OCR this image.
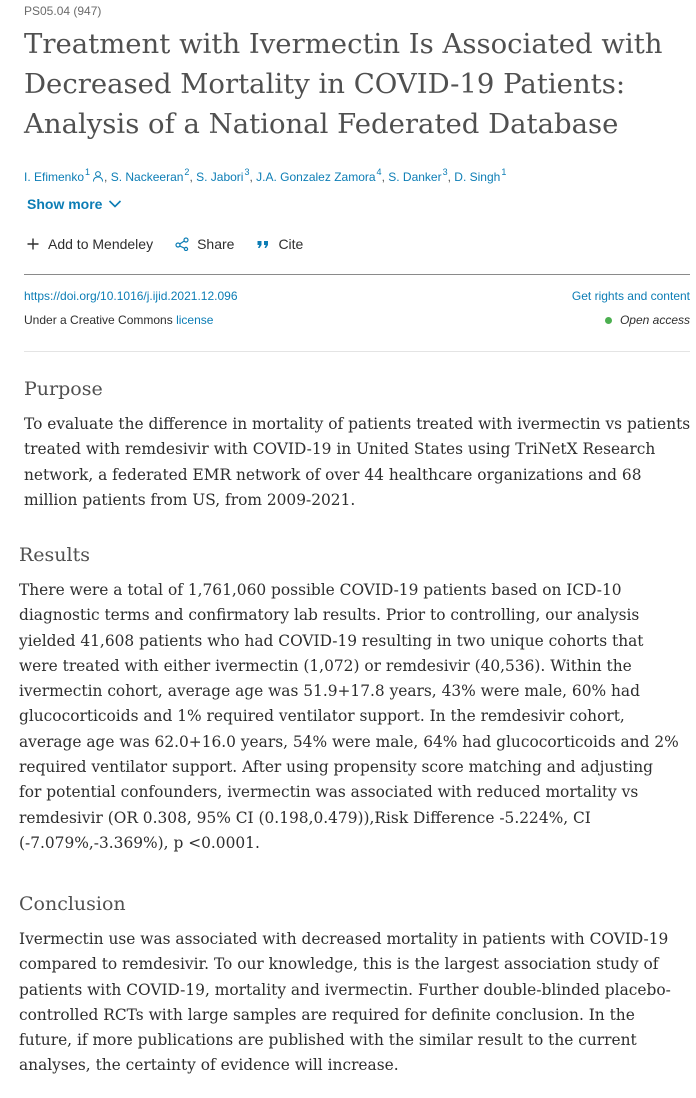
PS05.04 (947)
Treatment with Ivermectin Is Associated with Decreased Mortality in COVID-19 Patients: Analysis of a National Federated Database
I. Efimenko$^1$ , S. Nackeeran$^2$, S. Jabori$^3$, J.A. Gonzalez Zamora$^4$, S. Danker$^3$, D. Singh$^1$
Show more
Add to Mendeley	Share	Cite
https://doi.org/10.1016/j.ijid.2021.12.096
Under a Creative Commons license
Get rights and content
Open access
Purpose

To evaluate the difference in mortality of patients treated with ivermectin vs patients treated with remdesivir with COVID-19 in United States using TriNetX Research network, a federated EMR network of over 44 healthcare organizations and 68 million patients from US, from 2009-2021.

Results

There were a total of 1,761,060 possible COVID-19 patients based on ICD-10 diagnostic terms and confirmatory lab results. Prior to controlling, our analysis yielded 41,608 patients who had COVID-19 resulting in two unique cohorts that were treated with either ivermectin (1,072) or remdesivir (40,536). Within the ivermectin cohort, average age was 51.9+17.8 years, 43% were male, 60% had glucocorticoids and 1% required ventilator support. In the remdesivir cohort, average age was 62.0+16.0 years, 54% were male, 64% had glucocorticoids and 2% required ventilator support. After using propensity score matching and adjusting for potential confounders, ivermectin was associated with reduced mortality vs remdesivir (OR 0.308, 95% CI (0.198,0.479)),Risk Difference -5.224%, CI (-7.079%,-3.369%), p <0.0001.

Conclusion

Ivermectin use was associated with decreased mortality in patients with COVID-19 compared to remdesivir. To our knowledge, this is the largest association study of patients with COVID-19, mortality and ivermectin. Further double-blinded placebo-controlled RCTs with large samples are required for definite conclusion. In the future, if more publications are published with the similar result to the current analyses, the certainty of evidence will increase.
